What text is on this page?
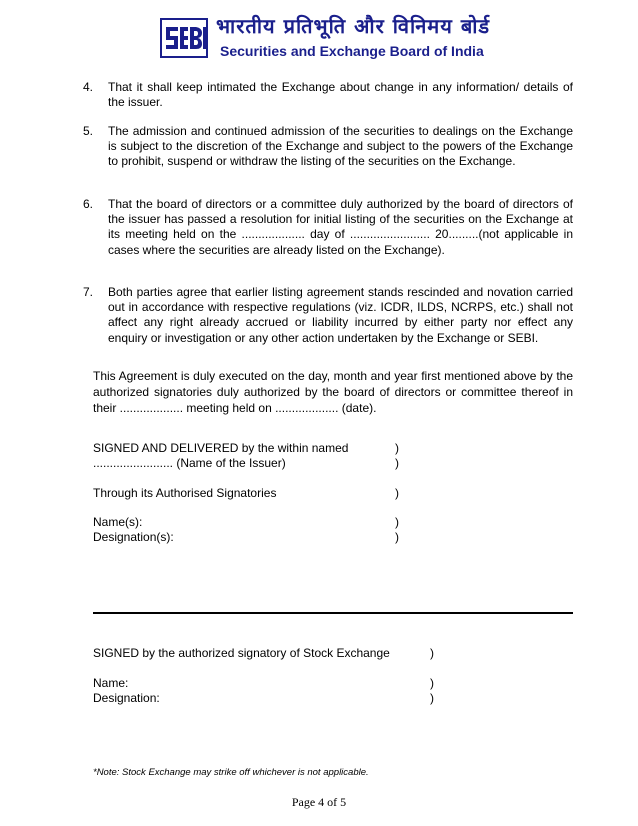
भारतीय प्रतिभूति और विनिमय बोर्ड
Securities and Exchange Board of India
4. That it shall keep intimated the Exchange about change in any information/ details of the issuer.
5. The admission and continued admission of the securities to dealings on the Exchange is subject to the discretion of the Exchange and subject to the powers of the Exchange to prohibit, suspend or withdraw the listing of the securities on the Exchange.
6. That the board of directors or a committee duly authorized by the board of directors of the issuer has passed a resolution for initial listing of the securities on the Exchange at its meeting held on the ................... day of ........................ 20.........(not applicable in cases where the securities are already listed on the Exchange).
7. Both parties agree that earlier listing agreement stands rescinded and novation carried out in accordance with respective regulations (viz. ICDR, ILDS, NCRPS, etc.) shall not affect any right already accrued or liability incurred by either party nor effect any enquiry or investigation or any other action undertaken by the Exchange or SEBI.
This Agreement is duly executed on the day, month and year first mentioned above by the authorized signatories duly authorized by the board of directors or committee thereof in their ................... meeting held on ................... (date).
SIGNED AND DELIVERED by the within named	)
........................ (Name of the Issuer)	)
Through its Authorised Signatories	)
Name(s):	)
Designation(s):	)
SIGNED by the authorized signatory of Stock Exchange	)
Name:	)
Designation:	)
*Note: Stock Exchange may strike off whichever is not applicable.
Page 4 of 5
